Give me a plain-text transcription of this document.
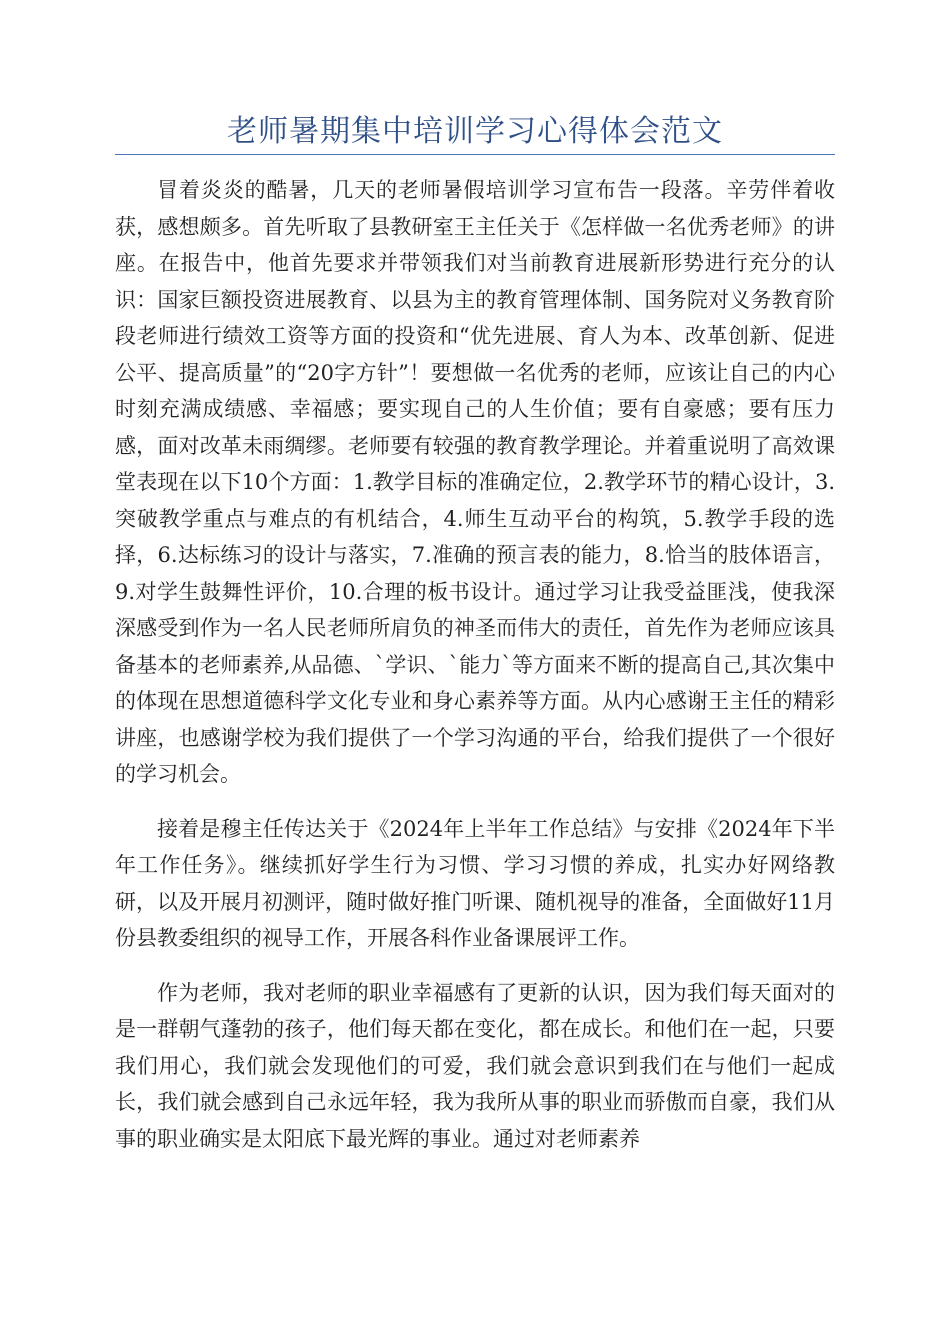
老师暑期集中培训学习心得体会范文

冒着炎炎的酷暑，几天的老师暑假培训学习宣布告一段落。辛劳伴着收获，感想颇多。首先听取了县教研室王主任关于《怎样做一名优秀老师》的讲座。在报告中，他首先要求并带领我们对当前教育进展新形势进行充分的认识：国家巨额投资进展教育、以县为主的教育管理体制、国务院对义务教育阶段老师进行绩效工资等方面的投资和“优先进展、育人为本、改革创新、促进公平、提高质量”的“20字方针”！要想做一名优秀的老师，应该让自己的内心时刻充满成绩感、幸福感；要实现自己的人生价值；要有自豪感；要有压力感，面对改革未雨绸缪。老师要有较强的教育教学理论。并着重说明了高效课堂表现在以下10个方面：1.教学目标的准确定位，2.教学环节的精心设计，3.突破教学重点与难点的有机结合，4.师生互动平台的构筑，5.教学手段的选择，6.达标练习的设计与落实，7.准确的预言表的能力，8.恰当的肢体语言，9.对学生鼓舞性评价，10.合理的板书设计。通过学习让我受益匪浅，使我深深感受到作为一名人民老师所肩负的神圣而伟大的责任，首先作为老师应该具备基本的老师素养,从品德、`学识、`能力`等方面来不断的提高自己,其次集中的体现在思想道德科学文化专业和身心素养等方面。从内心感谢王主任的精彩讲座，也感谢学校为我们提供了一个学习沟通的平台，给我们提供了一个很好的学习机会。

接着是穆主任传达关于《2024年上半年工作总结》与安排《2024年下半年工作任务》。继续抓好学生行为习惯、学习习惯的养成，扎实办好网络教研，以及开展月初测评，随时做好推门听课、随机视导的准备，全面做好11月份县教委组织的视导工作，开展各科作业备课展评工作。

作为老师，我对老师的职业幸福感有了更新的认识，因为我们每天面对的是一群朝气蓬勃的孩子，他们每天都在变化，都在成长。和他们在一起，只要我们用心，我们就会发现他们的可爱，我们就会意识到我们在与他们一起成长，我们就会感到自己永远年轻，我为我所从事的职业而骄傲而自豪，我们从事的职业确实是太阳底下最光辉的事业。通过对老师素养
